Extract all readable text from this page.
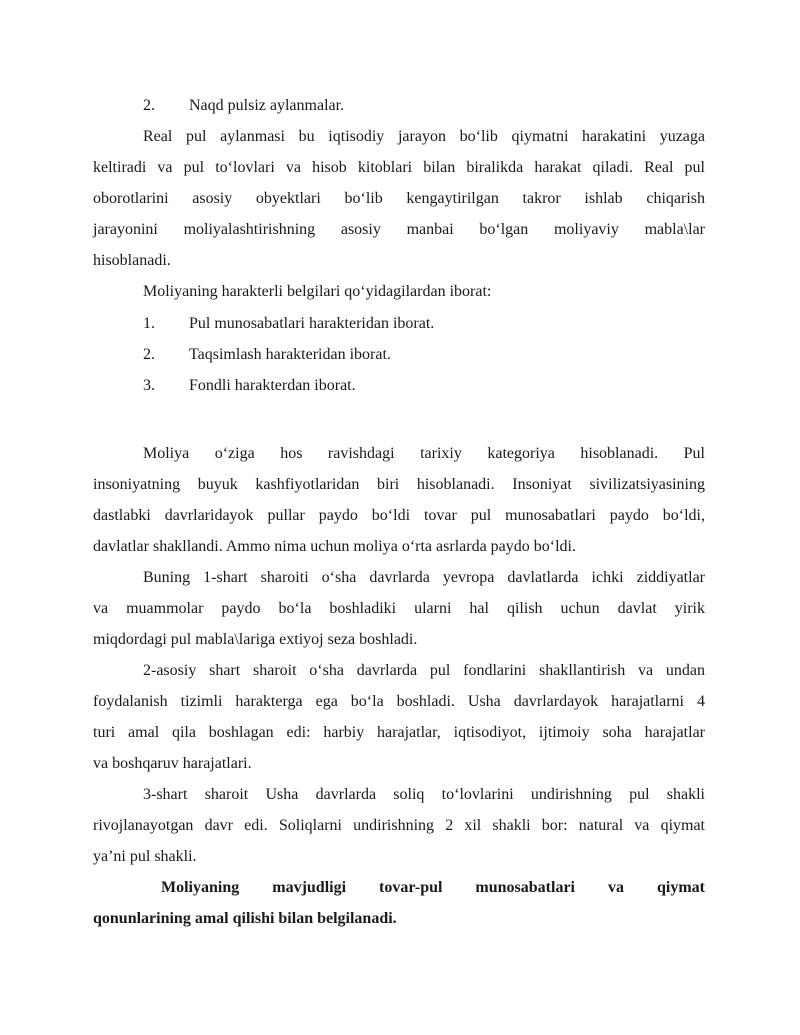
2. Naqd pulsiz aylanmalar.
Real pul aylanmasi bu iqtisodiy jarayon bo‘lib qiymatni harakatini yuzaga
keltiradi va pul to‘lovlari va hisob kitoblari bilan biralikda harakat qiladi. Real pul
oborotlarini asosiy obyektlari bo‘lib kengaytirilgan takror ishlab chiqarish
jarayonini moliyalashtirishning asosiy manbai bo‘lgan moliyaviy mabla\lar
hisoblanadi.
Moliyaning harakterli belgilari qo‘yidagilardan iborat:
1. Pul munosabatlari harakteridan iborat.
2. Taqsimlash harakteridan iborat.
3. Fondli harakterdan iborat.
Moliya o‘ziga hos ravishdagi tarixiy kategoriya hisoblanadi. Pul
insoniyatning buyuk kashfiyotlaridan biri hisoblanadi. Insoniyat sivilizatsiyasining
dastlabki davrlaridayok pullar paydo bo‘ldi tovar pul munosabatlari paydo bo‘ldi,
davlatlar shakllandi. Ammo nima uchun moliya o‘rta asrlarda paydo bo‘ldi.
Buning 1-shart sharoiti o‘sha davrlarda yevropa davlatlarda ichki ziddiyatlar
va muammolar paydo bo‘la boshladiki ularni hal qilish uchun davlat yirik
miqdordagi pul mabla\lariga extiyoj seza boshladi.
2-asosiy shart sharoit o‘sha davrlarda pul fondlarini shakllantirish va undan
foydalanish tizimli harakterga ega bo‘la boshladi. Usha davrlardayok harajatlarni 4
turi amal qila boshlagan edi: harbiy harajatlar, iqtisodiyot, ijtimoiy soha harajatlar
va boshqaruv harajatlari.
3-shart sharoit Usha davrlarda soliq to‘lovlarini undirishning pul shakli
rivojlanayotgan davr edi. Soliqlarni undirishning 2 xil shakli bor: natural va qiymat
ya’ni pul shakli.
Moliyaning mavjudligi tovar-pul munosabatlari va qiymat
qonunlarining amal qilishi bilan belgilanadi.
